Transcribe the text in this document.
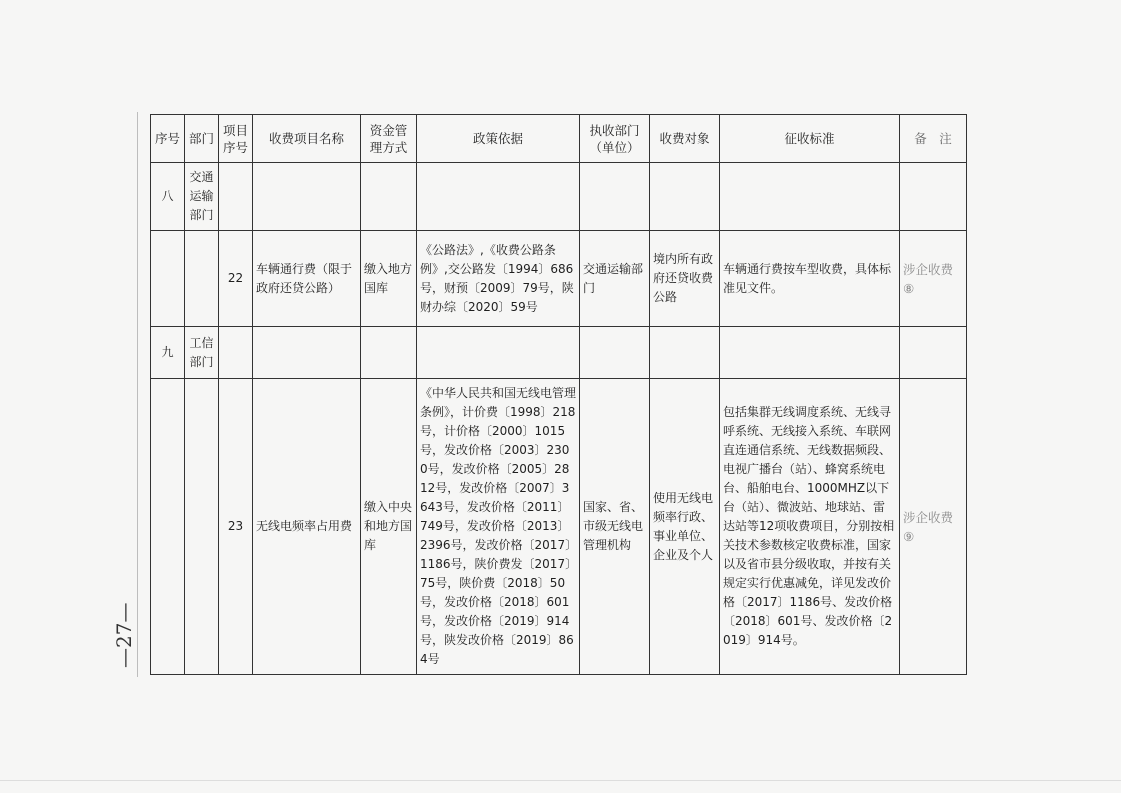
—27—
序号	部门	项目序号	收费项目名称	资金管理方式	政策依据	执收部门（单位）	收费对象	征收标准	备　注
八	交通运输部门								
		22	车辆通行费（限于政府还贷公路）	缴入地方国库	《公路法》,《收费公路条例》,交公路发〔1994〕686号，财预〔2009〕79号，陕财办综〔2020〕59号	交通运输部门	境内所有政府还贷收费公路	车辆通行费按车型收费，具体标准见文件。	涉企收费⑧
九	工信部门								
		23	无线电频率占用费	缴入中央和地方国库	《中华人民共和国无线电管理条例》，计价费〔1998〕218号，计价格〔2000〕1015号，发改价格〔2003〕2300号，发改价格〔2005〕2812号，发改价格〔2007〕3643号，发改价格〔2011〕749号，发改价格〔2013〕2396号，发改价格〔2017〕1186号，陕价费发〔2017〕75号，陕价费〔2018〕50号，发改价格〔2018〕601号，发改价格〔2019〕914号，陕发改价格〔2019〕864号	国家、省、市级无线电管理机构	使用无线电频率行政、事业单位、企业及个人	包括集群无线调度系统、无线寻呼系统、无线接入系统、车联网直连通信系统、无线数据频段、电视广播台（站）、蜂窝系统电台、船舶电台、1000MHZ以下台（站）、微波站、地球站、雷达站等12项收费项目，分别按相关技术参数核定收费标准，国家以及省市县分级收取，并按有关规定实行优惠减免，详见发改价格〔2017〕1186号、发改价格〔2018〕601号、发改价格〔2019〕914号。	涉企收费⑨
